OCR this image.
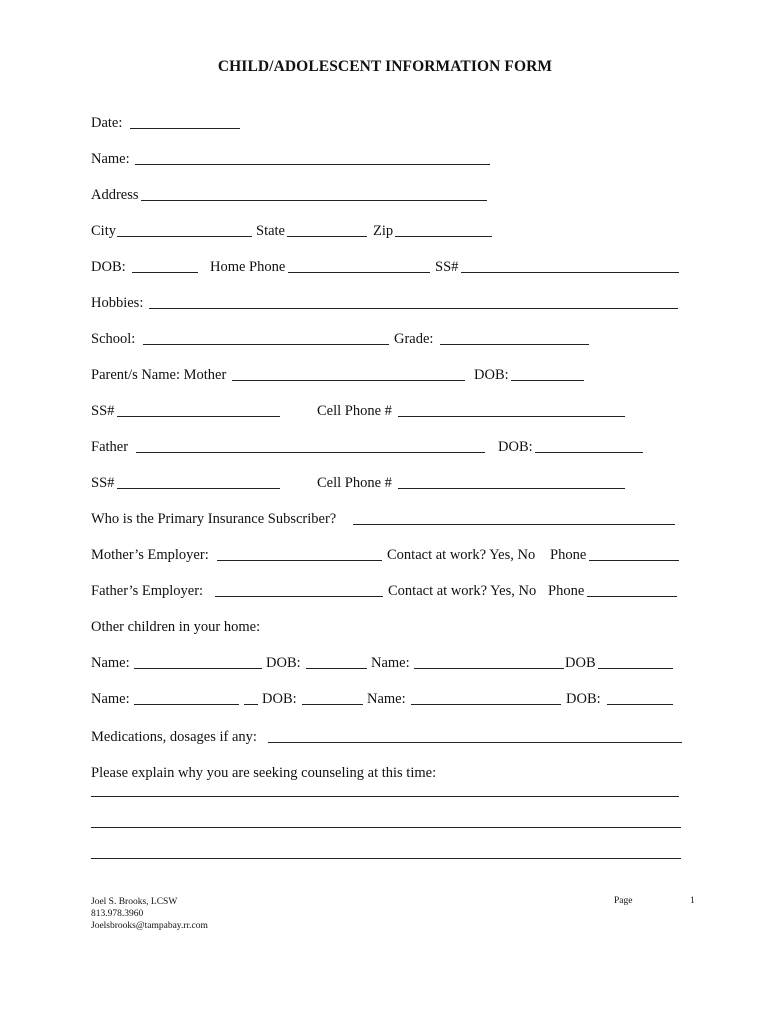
CHILD/ADOLESCENT INFORMATION FORM
Date:
Name:
Address
City	State	Zip
DOB:	Home Phone	SS#
Hobbies:
School:	Grade:
Parent/s Name: Mother	DOB:
SS#	Cell Phone #
Father	DOB:
SS#	Cell Phone #
Who is the Primary Insurance Subscriber?
Mother’s Employer:	Contact at work? Yes, No Phone
Father’s Employer:	Contact at work? Yes, No Phone
Other children in your home:
Name:	DOB:	Name:	DOB
Name:	DOB:	Name:	DOB:
Medications, dosages if any:
Please explain why you are seeking counseling at this time:
Joel S. Brooks, LCSW
813.978.3960
Joelsbrooks@tampabay.rr.com
Page	1
